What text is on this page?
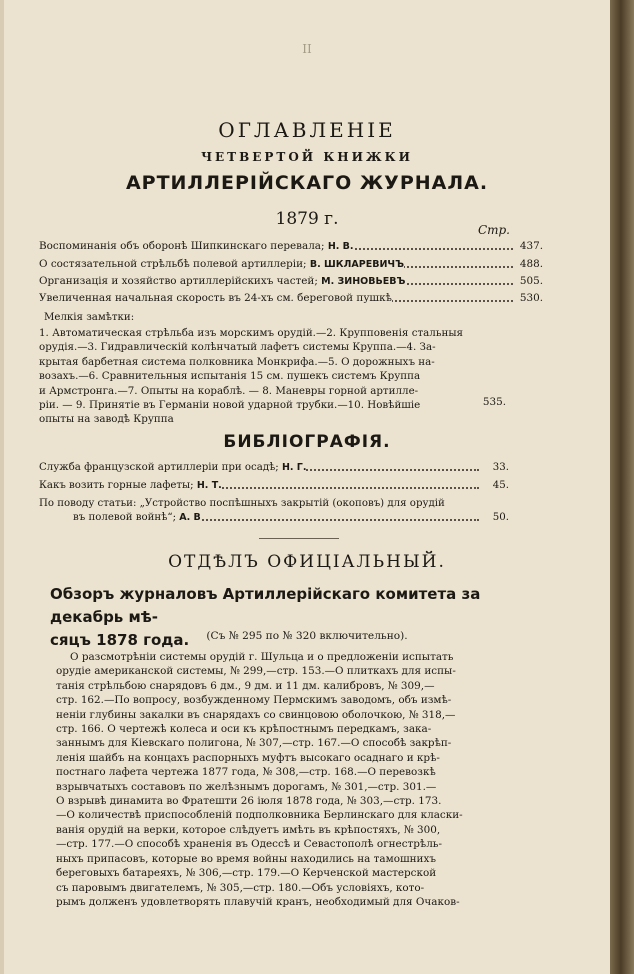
II
ОГЛАВЛЕНIЕ
ЧЕТВЕРТОЙ КНИЖКИ
АРТИЛЛЕРIЙСКАГО ЖУРНАЛА.
1879 г.
Стр.
Воспоминанiя объ оборонѣ Шипкинскаго перевала; Н. В.	437.
О состязательной стрѣльбѣ полевой артиллерiи; В. ШКЛАРЕВИЧЪ	488.
Организацiя и хозяйство артиллерiйскихъ частей; М. ЗИНОВЬЕВЪ	505.
Увеличенная начальная скорость въ 24-хъ см. береговой пушкѣ	530.
Мелкiя замѣтки:

1. Автоматическая стрѣльба изъ морскимъ орудiй.—2. Крупповенiя стальныя

орудiя.—3. Гидравлическiй колѣнчатый лафетъ системы Круппа.—4. За-

крытая барбетная система полковника Монкрифа.—5. О дорожныхъ на-

возахъ.—6. Сравнительныя испытанiя 15 см. пушекъ системъ Круппа

и Армстронга.—7. Опыты на кораблѣ. — 8. Маневры горной артилле-

рiи. — 9. Принятiе въ Германiи новой ударной трубки.—10. Новѣйшiе

опыты на заводѣ Круппа

535.
БИБЛIОГРАФIЯ.
Служба французской артиллерiи при осадѣ; Н. Г.	33.
Какъ возить горные лафеты; Н. Т.	45.
По поводу статьи: „Устройство поспѣшныхъ закрытiй (окоповъ) для орудiй
въ полевой войнѣ“; А. В	50.
ОТДѢЛЪ ОФИЦIАЛЬНЫЙ.
Обзоръ журналовъ Артиллерiйскаго комитета за декабрь мѣ-
сяцъ 1878 года.	(Съ № 295 по № 320 включительно).

О разсмотрѣнiи системы орудiй г. Шульца и о предложенiи испытать

орудiе американской системы, № 299,—стр. 153.—О плиткахъ для испы-

танiя стрѣльбою снарядовъ 6 дм., 9 дм. и 11 дм. калибровъ, № 309,—

стр. 162.—По вопросу, возбужденному Пермскимъ заводомъ, объ измѣ-

ненiи глубины закалки въ снарядахъ со свинцовою оболочкою, № 318,—

стр. 166. О чертежѣ колеса и оси къ крѣпостнымъ передкамъ, зака-

заннымъ для Кiевскаго полигона, № 307,—стр. 167.—О способѣ закрѣп-

ленiя шайбъ на концахъ распорныхъ муфтъ высокаго осаднаго и крѣ-

постнаго лафета чертежа 1877 года, № 308,—стр. 168.—О перевозкѣ

взрывчатыхъ составовъ по желѣзнымъ дорогамъ, № 301,—стр. 301.—

О взрывѣ динамита во Фратешти 26 iюля 1878 года, № 303,—стр. 173.

—О количествѣ приспособленiй подполковника Берлинскаго для класки-

ванiя орудiй на верки, которое слѣдуетъ имѣть въ крѣпостяхъ, № 300,

—стр. 177.—О способѣ храненiя въ Одессѣ и Севастополѣ огнестрѣль-

ныхъ припасовъ, которые во время войны находились на тамошнихъ

береговыхъ батареяхъ, № 306,—стр. 179.—О Керченской мастерской

съ паровымъ двигателемъ, № 305,—стр. 180.—Объ условiяхъ, кото-

рымъ долженъ удовлетворять плавучiй кранъ, необходимый для Очаков-
